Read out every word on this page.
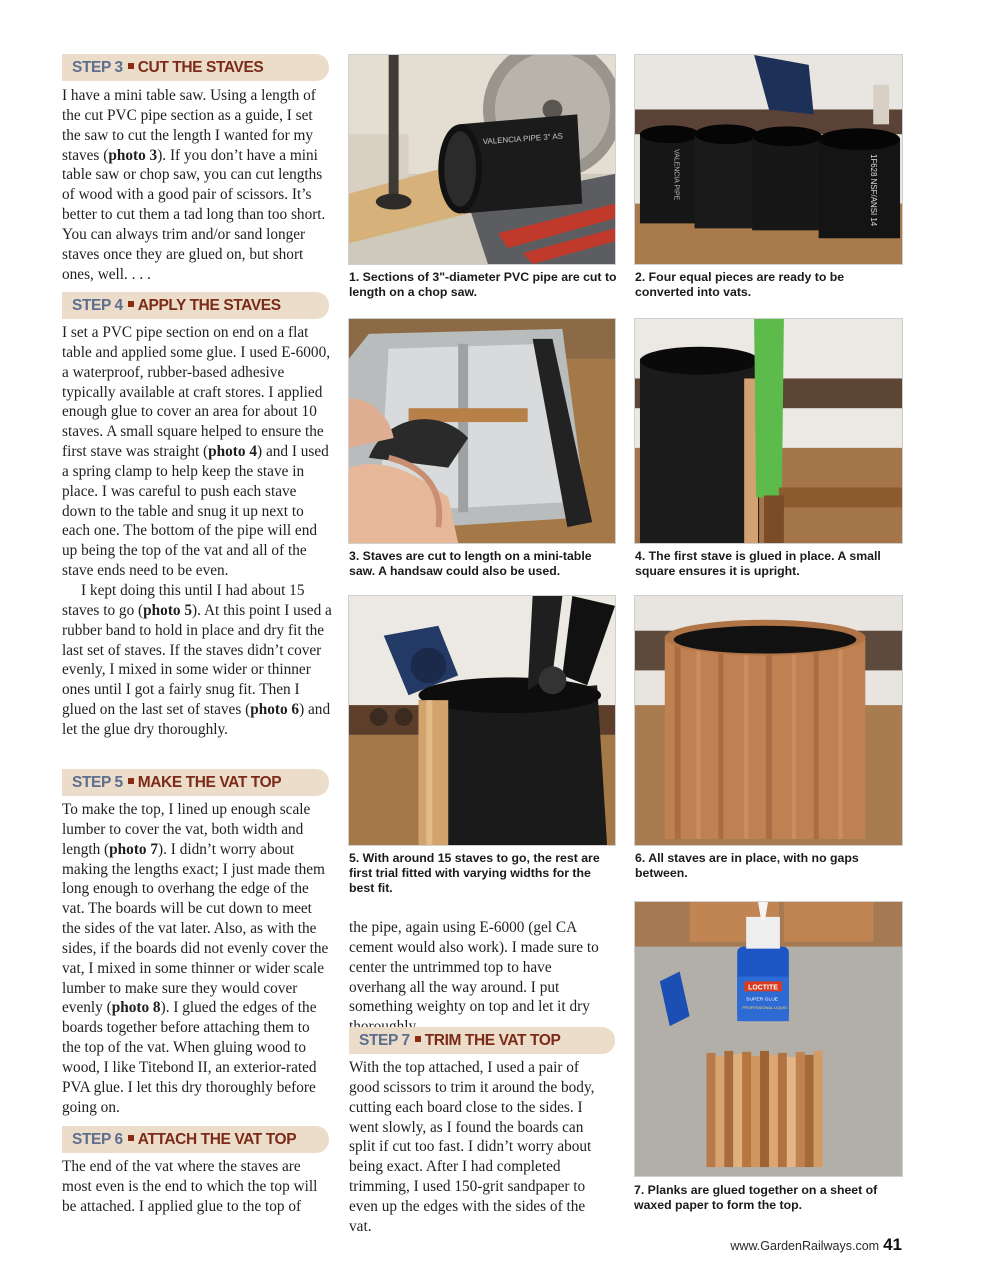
STEP 3 CUT THE STAVES

I have a mini table saw. Using a length of the cut PVC pipe section as a guide, I set the saw to cut the length I wanted for my staves (photo 3). If you don’t have a mini table saw or chop saw, you can cut lengths of wood with a good pair of scissors. It’s better to cut them a tad long than too short. You can always trim and/or sand longer staves once they are glued on, but short ones, well. . . .

STEP 4 APPLY THE STAVES

I set a PVC pipe section on end on a flat table and applied some glue. I used E-6000, a waterproof, rubber-based adhesive typically available at craft stores. I applied enough glue to cover an area for about 10 staves. A small square helped to ensure the first stave was straight (photo 4) and I used a spring clamp to help keep the stave in place. I was careful to push each stave down to the table and snug it up next to each one. The bottom of the pipe will end up being the top of the vat and all of the stave ends need to be even.

I kept doing this until I had about 15 staves to go (photo 5). At this point I used a rubber band to hold in place and dry fit the last set of staves. If the staves didn’t cover evenly, I mixed in some wider or thinner ones until I got a fairly snug fit. Then I glued on the last set of staves (photo 6) and let the glue dry thoroughly.

STEP 5 MAKE THE VAT TOP

To make the top, I lined up enough scale lumber to cover the vat, both width and length (photo 7). I didn’t worry about making the lengths exact; I just made them long enough to overhang the edge of the vat. The boards will be cut down to meet the sides of the vat later. Also, as with the sides, if the boards did not evenly cover the vat, I mixed in some thinner or wider scale lumber to make sure they would cover evenly (photo 8). I glued the edges of the boards together before attaching them to the top of the vat. When gluing wood to wood, I like Titebond II, an exterior-rated PVA glue. I let this dry thoroughly before going on.

STEP 6 ATTACH THE VAT TOP

The end of the vat where the staves are most even is the end to which the top will be attached. I applied glue to the top of

VALENCIA PIPE 3" AS
1. Sections of 3"-diameter PVC pipe are cut to length on a chop saw.
3. Staves are cut to length on a mini-table saw. A handsaw could also be used.
5. With around 15 staves to go, the rest are first trial fitted with varying widths for the best fit.

the pipe, again using E-6000 (gel CA cement would also work). I made sure to center the untrimmed top to have overhang all the way around. I put something weighty on top and let it dry

STEP 7 TRIM THE VAT TOP

With the top attached, I used a pair of good scissors to trim it around the body, cutting each board close to the sides. I went slowly, as I found the boards can split if cut too fast. I didn’t worry about being exact. After I had completed trimming, I used 150-grit sandpaper to even up the edges with the sides of the vat.

VALENCIA PIPE	1F628 NSF/ANSI 14
2. Four equal pieces are ready to be converted into vats.
4. The first stave is glued in place. A small square ensures it is upright.
6. All staves are in place, with no gaps between.
LOCTITE
SUPER GLUE
PROFESSIONAL LIQUID
7. Planks are glued together on a sheet of waxed paper to form the top.
www.GardenRailways.com 41
